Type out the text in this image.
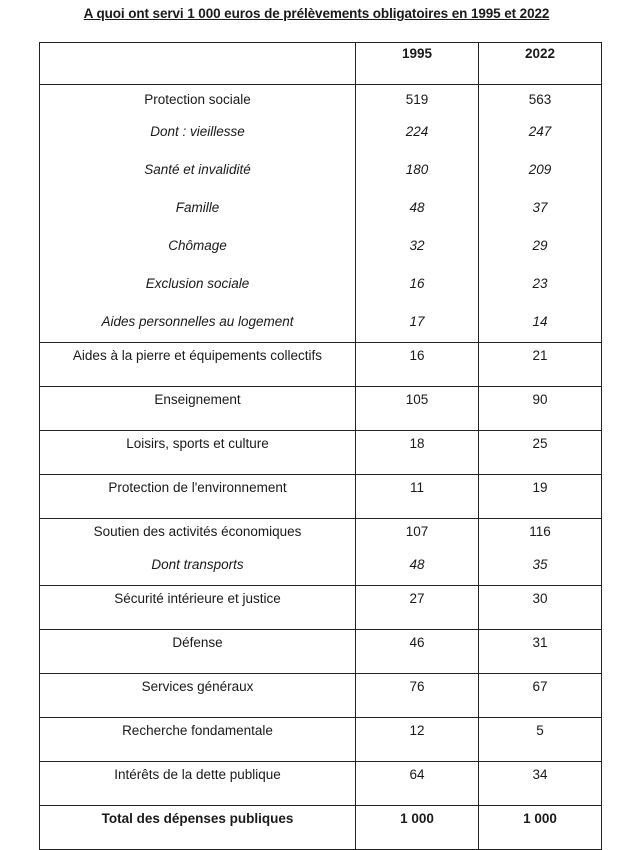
A quoi ont servi 1 000 euros de prélèvements obligatoires en 1995 et 2022
	1995	2022
Protection sociale	519	563
Dont : vieillesse	224	247
Santé et invalidité	180	209
Famille	48	37
Chômage	32	29
Exclusion sociale	16	23
Aides personnelles au logement	17	14
Aides à la pierre et équipements collectifs	16	21
Enseignement	105	90
Loisirs, sports et culture	18	25
Protection de l'environnement	11	19
Soutien des activités économiques	107	116
Dont transports	48	35
Sécurité intérieure et justice	27	30
Défense	46	31
Services généraux	76	67
Recherche fondamentale	12	5
Intérêts de la dette publique	64	34
Total des dépenses publiques	1 000	1 000
